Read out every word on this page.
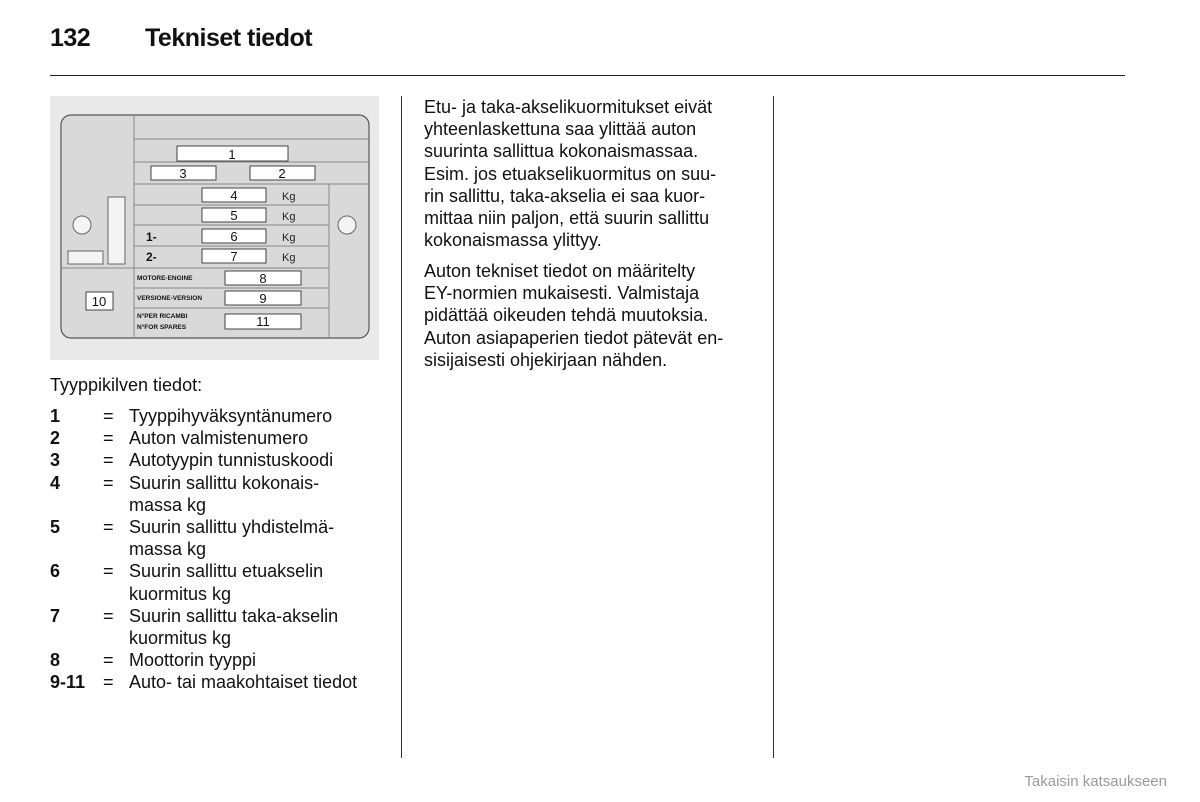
132 Tekniset tiedot
1
3	2
4
5
6
7
8
9
11
10
Kg
Kg
Kg
Kg
1-
2-
MOTORE-ENGINE
VERSIONE-VERSION
N°PER RICAMBI
N°FOR SPARES
Tyyppikilven tiedot:
1 = Tyyppihyväksyntänumero
2 = Auton valmistenumero
3 = Autotyypin tunnistuskoodi
4 = Suurin sallittu kokonais-
massa kg
5 = Suurin sallittu yhdistelmä-
massa kg
6 = Suurin sallittu etuakselin
kuormitus kg
7 = Suurin sallittu taka-akselin
kuormitus kg
8 = Moottorin tyyppi
9-11 = Auto- tai maakohtaiset tiedot
Etu- ja taka-akselikuormitukset eivät
yhteenlaskettuna saa ylittää auton
suurinta sallittua kokonaismassaa.
Esim. jos etuakselikuormitus on suu-
rin sallittu, taka-akselia ei saa kuor-
mittaa niin paljon, että suurin sallittu
kokonaismassa ylittyy.
Auton tekniset tiedot on määritelty
EY-normien mukaisesti. Valmistaja
pidättää oikeuden tehdä muutoksia.
Auton asiapaperien tiedot pätevät en-
sisijaisesti ohjekirjaan nähden.
Takaisin katsaukseen
